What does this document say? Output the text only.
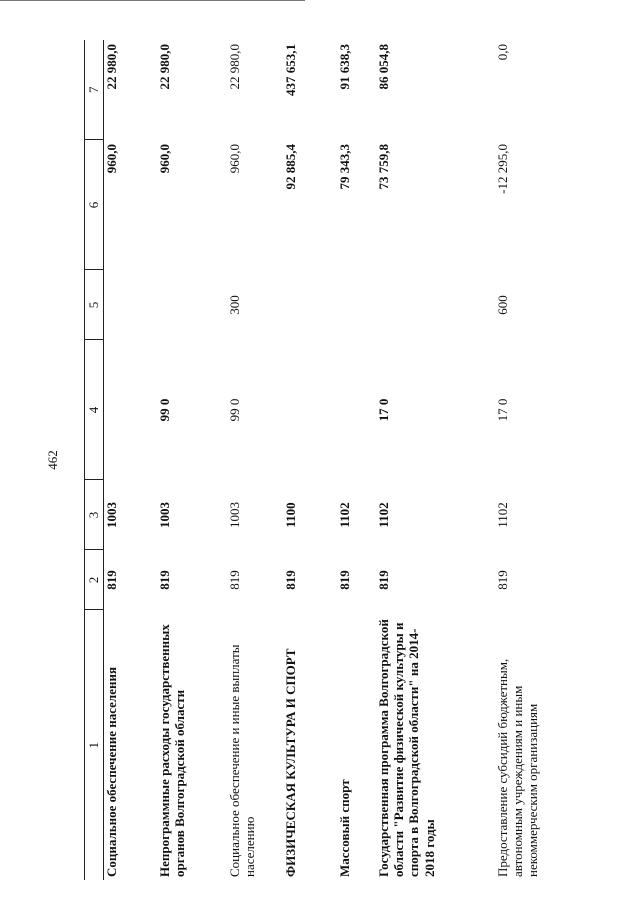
462
1	2	3	4	5	6	7
Социальное обеспечение населения	819	1003			960,0	22 980,0
Непрограммные расходы государственных органов Волгоградской области	819	1003	99 0		960,0	22 980,0
Социальное обеспечение и иные выплаты населению	819	1003	99 0	300	960,0	22 980,0
ФИЗИЧЕСКАЯ КУЛЬТУРА И СПОРТ	819	1100			92 885,4	437 653,1
Массовый спорт	819	1102			79 343,3	91 638,3
Государственная программа Волгоградской области "Развитие физической культуры и спорта в Волгоградской области" на 2014-2018 годы	819	1102	17 0		73 759,8	86 054,8
Предоставление субсидий бюджетным, автономным учреждениям и иным некоммерческим организациям	819	1102	17 0	600	-12 295,0	0,0
